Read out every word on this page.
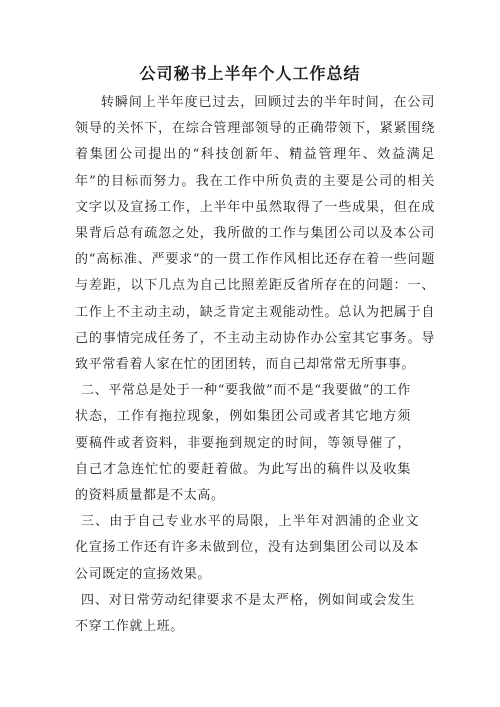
公司秘书上半年个人工作总结

转瞬间上半年度已过去，回顾过去的半年时间，在公司领导的关怀下，在综合管理部领导的正确带领下，紧紧围绕着集团公司提出的“科技创新年、精益管理年、效益满足年”的目标而努力。我在工作中所负责的主要是公司的相关文字以及宣扬工作，上半年中虽然取得了一些成果，但在成果背后总有疏忽之处，我所做的工作与集团公司以及本公司的“高标准、严要求”的一贯工作作风相比还存在着一些问题与差距，以下几点为自己比照差距反省所存在的问题：一、工作上不主动主动，缺乏肯定主观能动性。总认为把属于自己的事情完成任务了，不主动主动协作办公室其它事务。导致平常看着人家在忙的团团转，而自己却常常无所事事。

二、平常总是处于一种“要我做”而不是“我要做”的工作状态，工作有拖拉现象，例如集团公司或者其它地方须要稿件或者资料，非要拖到规定的时间，等领导催了，自己才急连忙忙的要赶着做。为此写出的稿件以及收集的资料质量都是不太高。

三、由于自己专业水平的局限，上半年对泗浦的企业文化宣扬工作还有许多未做到位，没有达到集团公司以及本公司既定的宣扬效果。

四、对日常劳动纪律要求不是太严格，例如间或会发生不穿工作就上班。
